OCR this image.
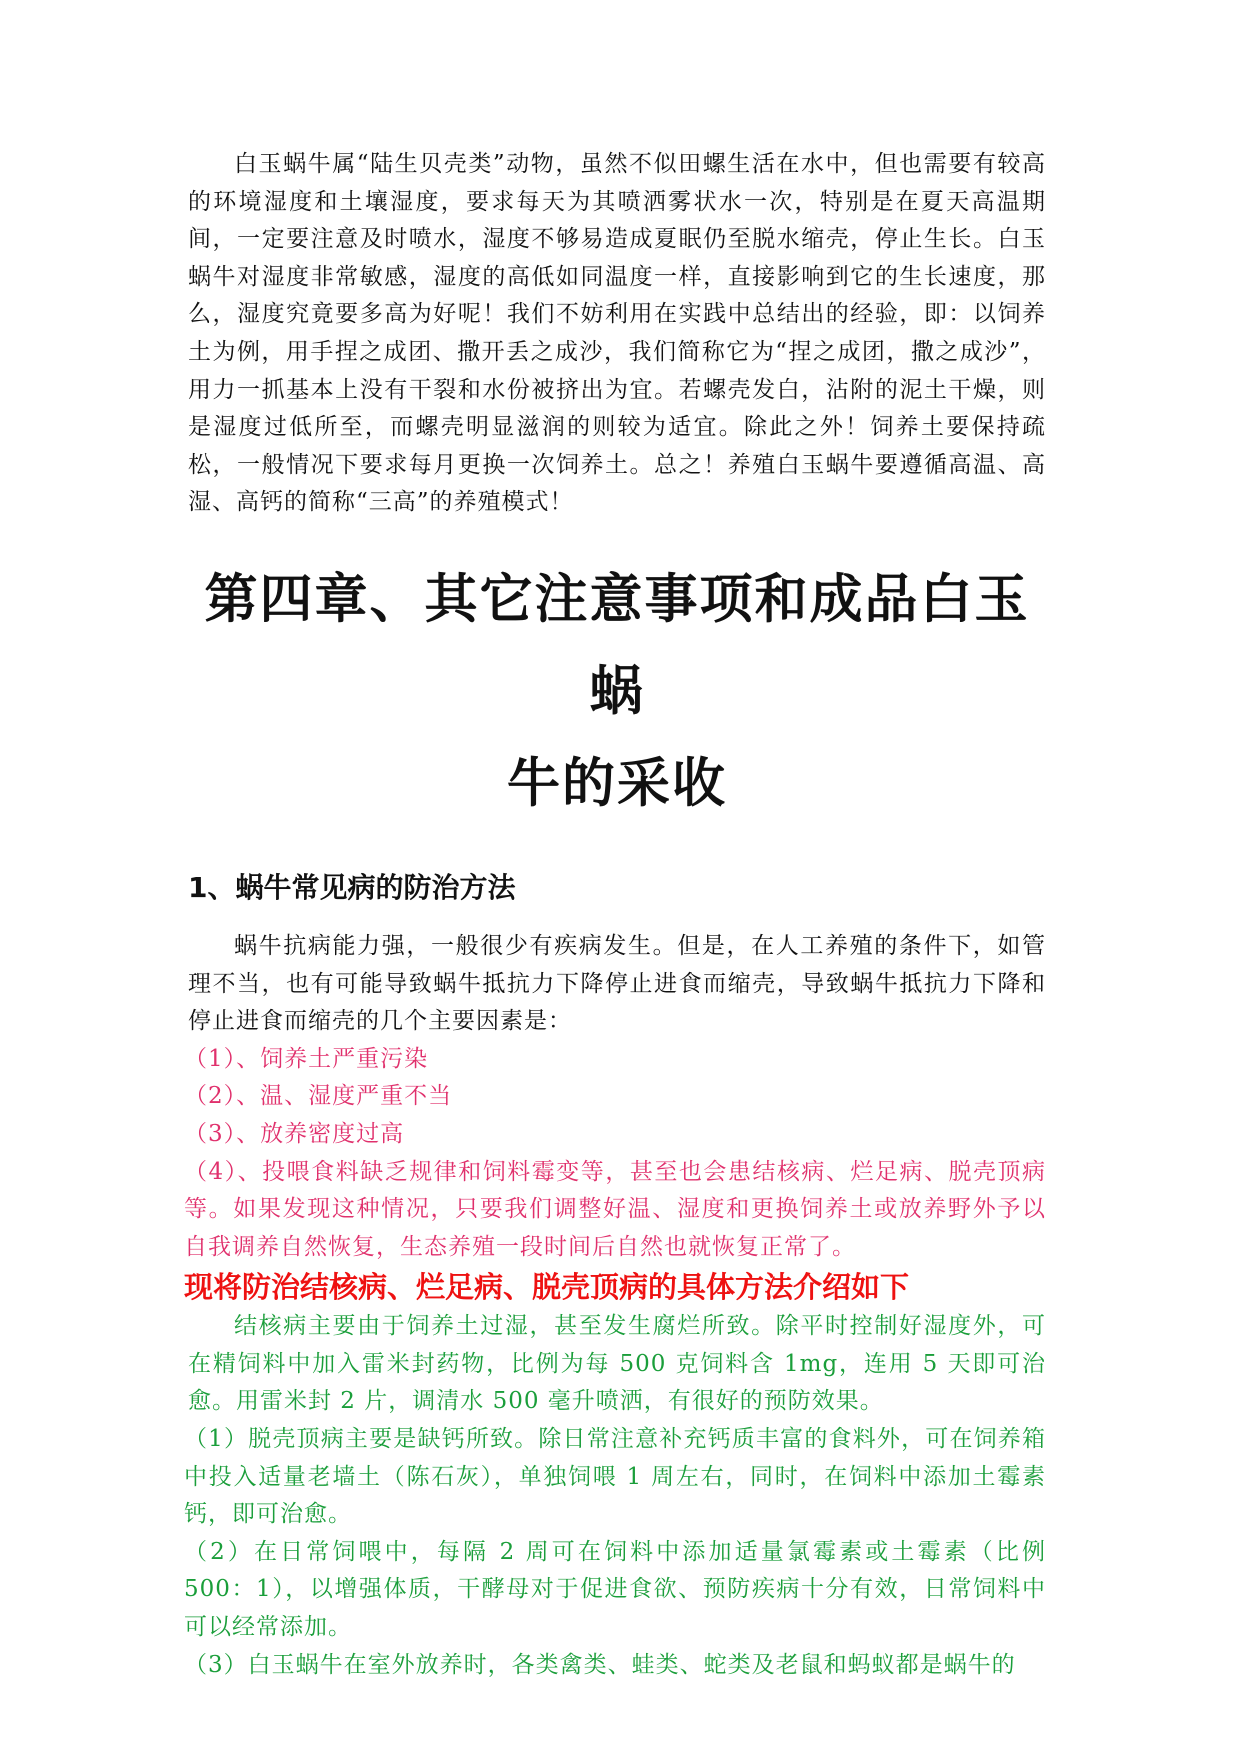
白玉蜗牛属“陆生贝壳类”动物，虽然不似田螺生活在水中，但也需要有较高的环境湿度和土壤湿度，要求每天为其喷洒雾状水一次，特别是在夏天高温期间，一定要注意及时喷水，湿度不够易造成夏眠仍至脱水缩壳，停止生长。白玉蜗牛对湿度非常敏感，湿度的高低如同温度一样，直接影响到它的生长速度，那么，湿度究竟要多高为好呢！我们不妨利用在实践中总结出的经验，即：以饲养土为例，用手捏之成团、撒开丢之成沙，我们简称它为“捏之成团，撒之成沙”，用力一抓基本上没有干裂和水份被挤出为宜。若螺壳发白，沾附的泥土干燥，则是湿度过低所至，而螺壳明显滋润的则较为适宜。除此之外！饲养土要保持疏松，一般情况下要求每月更换一次饲养土。总之！养殖白玉蜗牛要遵循高温、高湿、高钙的简称“三高”的养殖模式！

第四章、其它注意事项和成品白玉蜗
牛的采收
1、蜗牛常见病的防治方法

蜗牛抗病能力强，一般很少有疾病发生。但是，在人工养殖的条件下，如管理不当，也有可能导致蜗牛抵抗力下降停止进食而缩壳，导致蜗牛抵抗力下降和停止进食而缩壳的几个主要因素是：

（1）、饲养土严重污染

（2）、温、湿度严重不当

（3）、放养密度过高

（4）、投喂食料缺乏规律和饲料霉变等，甚至也会患结核病、烂足病、脱壳顶病等。如果发现这种情况，只要我们调整好温、湿度和更换饲养土或放养野外予以自我调养自然恢复，生态养殖一段时间后自然也就恢复正常了。

现将防治结核病、烂足病、脱壳顶病的具体方法介绍如下

结核病主要由于饲养土过湿，甚至发生腐烂所致。除平时控制好湿度外，可在精饲料中加入雷米封药物，比例为每 500 克饲料含 1mg，连用 5 天即可治愈。用雷米封 2 片，调清水 500 毫升喷洒，有很好的预防效果。

（1）脱壳顶病主要是缺钙所致。除日常注意补充钙质丰富的食料外，可在饲养箱中投入适量老墙土（陈石灰），单独饲喂 1 周左右，同时，在饲料中添加土霉素钙，即可治愈。

（2）在日常饲喂中，每隔 2 周可在饲料中添加适量氯霉素或土霉素（比例 500：1），以增强体质，干酵母对于促进食欲、预防疾病十分有效，日常饲料中可以经常添加。

（3）白玉蜗牛在室外放养时，各类禽类、蛙类、蛇类及老鼠和蚂蚁都是蜗牛的
